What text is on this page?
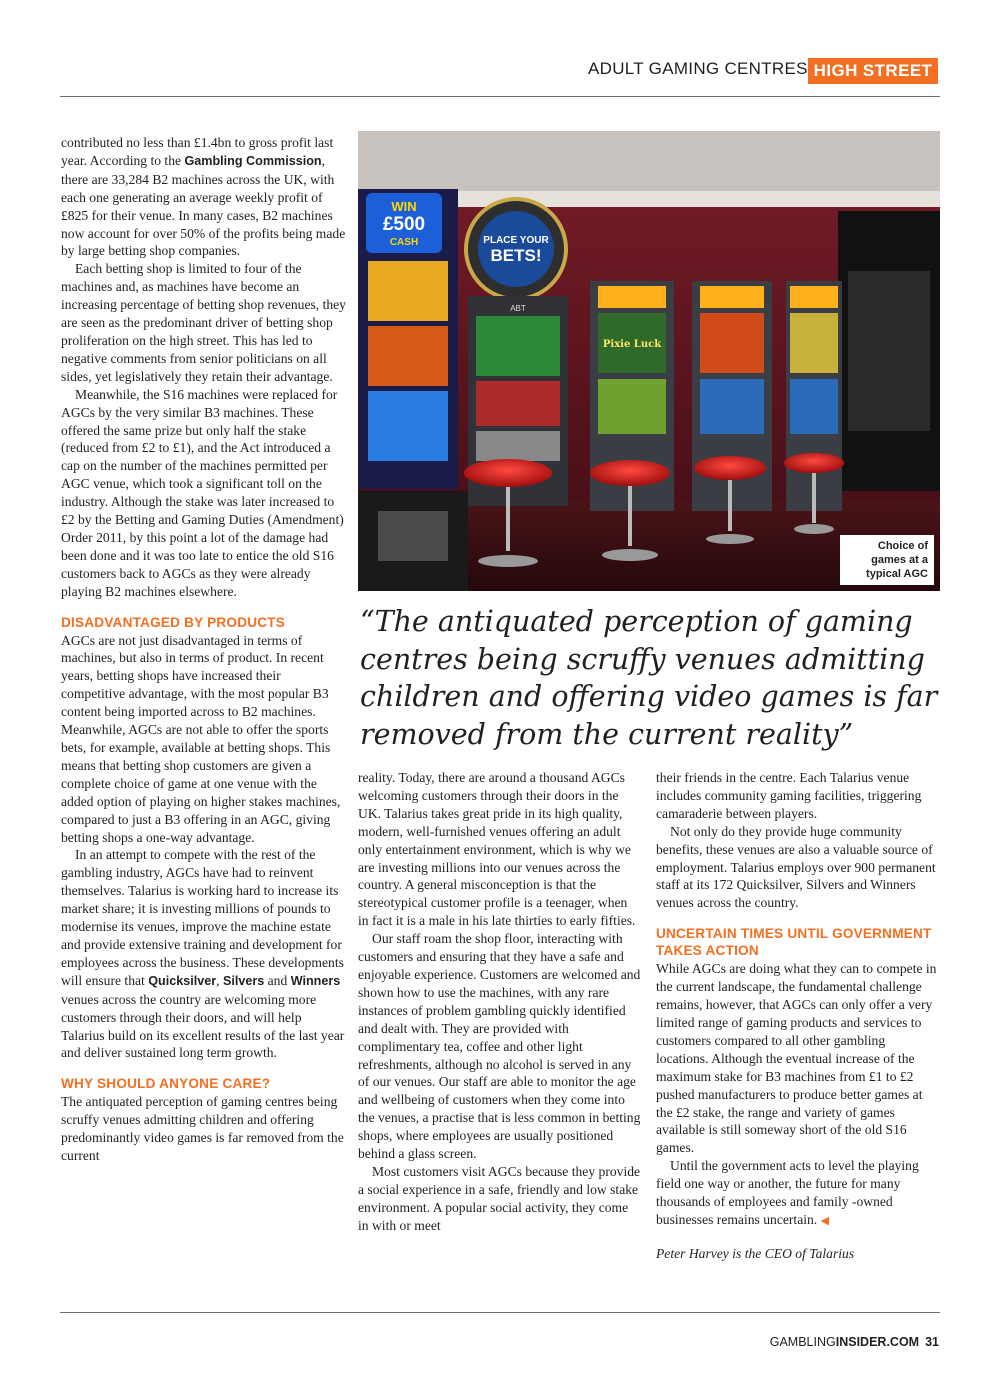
ADULT GAMING CENTRES HIGH STREET

contributed no less than £1.4bn to gross profit last year. According to the Gambling Commission, there are 33,284 B2 machines across the UK, with each one generating an average weekly profit of £825 for their venue. In many cases, B2 machines now account for over 50% of the profits being made by large betting shop companies.

Each betting shop is limited to four of the machines and, as machines have become an increasing percentage of betting shop revenues, they are seen as the predominant driver of betting shop proliferation on the high street. This has led to negative comments from senior politicians on all sides, yet legislatively they retain their advantage.

Meanwhile, the S16 machines were replaced for AGCs by the very similar B3 machines. These offered the same prize but only half the stake (reduced from £2 to £1), and the Act introduced a cap on the number of the machines permitted per AGC venue, which took a significant toll on the industry. Although the stake was later increased to £2 by the Betting and Gaming Duties (Amendment) Order 2011, by this point a lot of the damage had been done and it was too late to entice the old S16 customers back to AGCs as they were already playing B2 machines elsewhere.

DISADVANTAGED BY PRODUCTS

AGCs are not just disadvantaged in terms of machines, but also in terms of product. In recent years, betting shops have increased their competitive advantage, with the most popular B3 content being imported across to B2 machines. Meanwhile, AGCs are not able to offer the sports bets, for example, available at betting shops. This means that betting shop customers are given a complete choice of game at one venue with the added option of playing on higher stakes machines, compared to just a B3 offering in an AGC, giving betting shops a one-way advantage.

In an attempt to compete with the rest of the gambling industry, AGCs have had to reinvent themselves. Talarius is working hard to increase its market share; it is investing millions of pounds to modernise its venues, improve the machine estate and provide extensive training and development for employees across the business. These developments will ensure that Quicksilver, Silvers and Winners venues across the country are welcoming more customers through their doors, and will help Talarius build on its excellent results of the last year and deliver sustained long term growth.

WHY SHOULD ANYONE CARE?

The antiquated perception of gaming centres being scruffy venues admitting children and offering predominantly video games is far removed from the current

WIN
£500
CASH	PLACE YOUR
BETS!
ABT
Pixie Luck
Choice of games at a typical AGC

“The antiquated perception of gaming centres being scruffy venues admitting children and offering video games is far removed from the current reality”

reality. Today, there are around a thousand AGCs welcoming customers through their doors in the UK. Talarius takes great pride in its high quality, modern, well-furnished venues offering an adult only entertainment environment, which is why we are investing millions into our venues across the country. A general misconception is that the stereotypical customer profile is a teenager, when in fact it is a male in his late thirties to early fifties.

Our staff roam the shop floor, interacting with customers and ensuring that they have a safe and enjoyable experience. Customers are welcomed and shown how to use the machines, with any rare instances of problem gambling quickly identified and dealt with. They are provided with complimentary tea, coffee and other light refreshments, although no alcohol is served in any of our venues. Our staff are able to monitor the age and wellbeing of customers when they come into the venues, a practise that is less common in betting shops, where employees are usually positioned behind a glass screen.

Most customers visit AGCs because they provide a social experience in a safe, friendly and low stake environment. A popular social activity, they come in with or meet

their friends in the centre. Each Talarius venue includes community gaming facilities, triggering camaraderie between players.

Not only do they provide huge community benefits, these venues are also a valuable source of employment. Talarius employs over 900 permanent staff at its 172 Quicksilver, Silvers and Winners venues across the country.

UNCERTAIN TIMES UNTIL GOVERNMENT TAKES ACTION

While AGCs are doing what they can to compete in the current landscape, the fundamental challenge remains, however, that AGCs can only offer a very limited range of gaming products and services to customers compared to all other gambling locations. Although the eventual increase of the maximum stake for B3 machines from £1 to £2 pushed manufacturers to produce better games at the £2 stake, the range and variety of games available is still someway short of the old S16 games.

Until the government acts to level the playing field one way or another, the future for many thousands of employees and family -owned businesses remains uncertain. ◀

Peter Harvey is the CEO of Talarius

GAMBLINGINSIDER.COM 31
